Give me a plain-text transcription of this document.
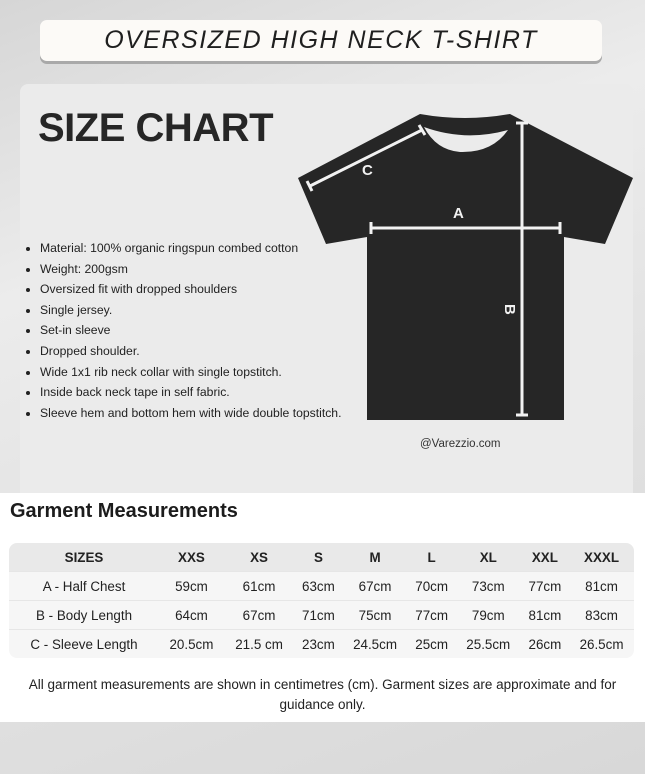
OVERSIZED HIGH NECK T-SHIRT
SIZE CHART
• Material: 100% organic ringspun combed cotton
• Weight: 200gsm
• Oversized fit with dropped shoulders
• Single jersey.
• Set-in sleeve
• Dropped shoulder.
• Wide 1x1 rib neck collar with single topstitch.
• Inside back neck tape in self fabric.
• Sleeve hem and bottom hem with wide double topstitch.
C
A
B
@Varezzio.com
Garment Measurements
SIZES	XXS	XS	S	M	L	XL	XXL	XXXL
A - Half Chest	59cm	61cm	63cm	67cm	70cm	73cm	77cm	81cm
B - Body Length	64cm	67cm	71cm	75cm	77cm	79cm	81cm	83cm
C - Sleeve Length	20.5cm	21.5 cm	23cm	24.5cm	25cm	25.5cm	26cm	26.5cm
All garment measurements are shown in centimetres (cm). Garment sizes are approximate and for guidance only.
